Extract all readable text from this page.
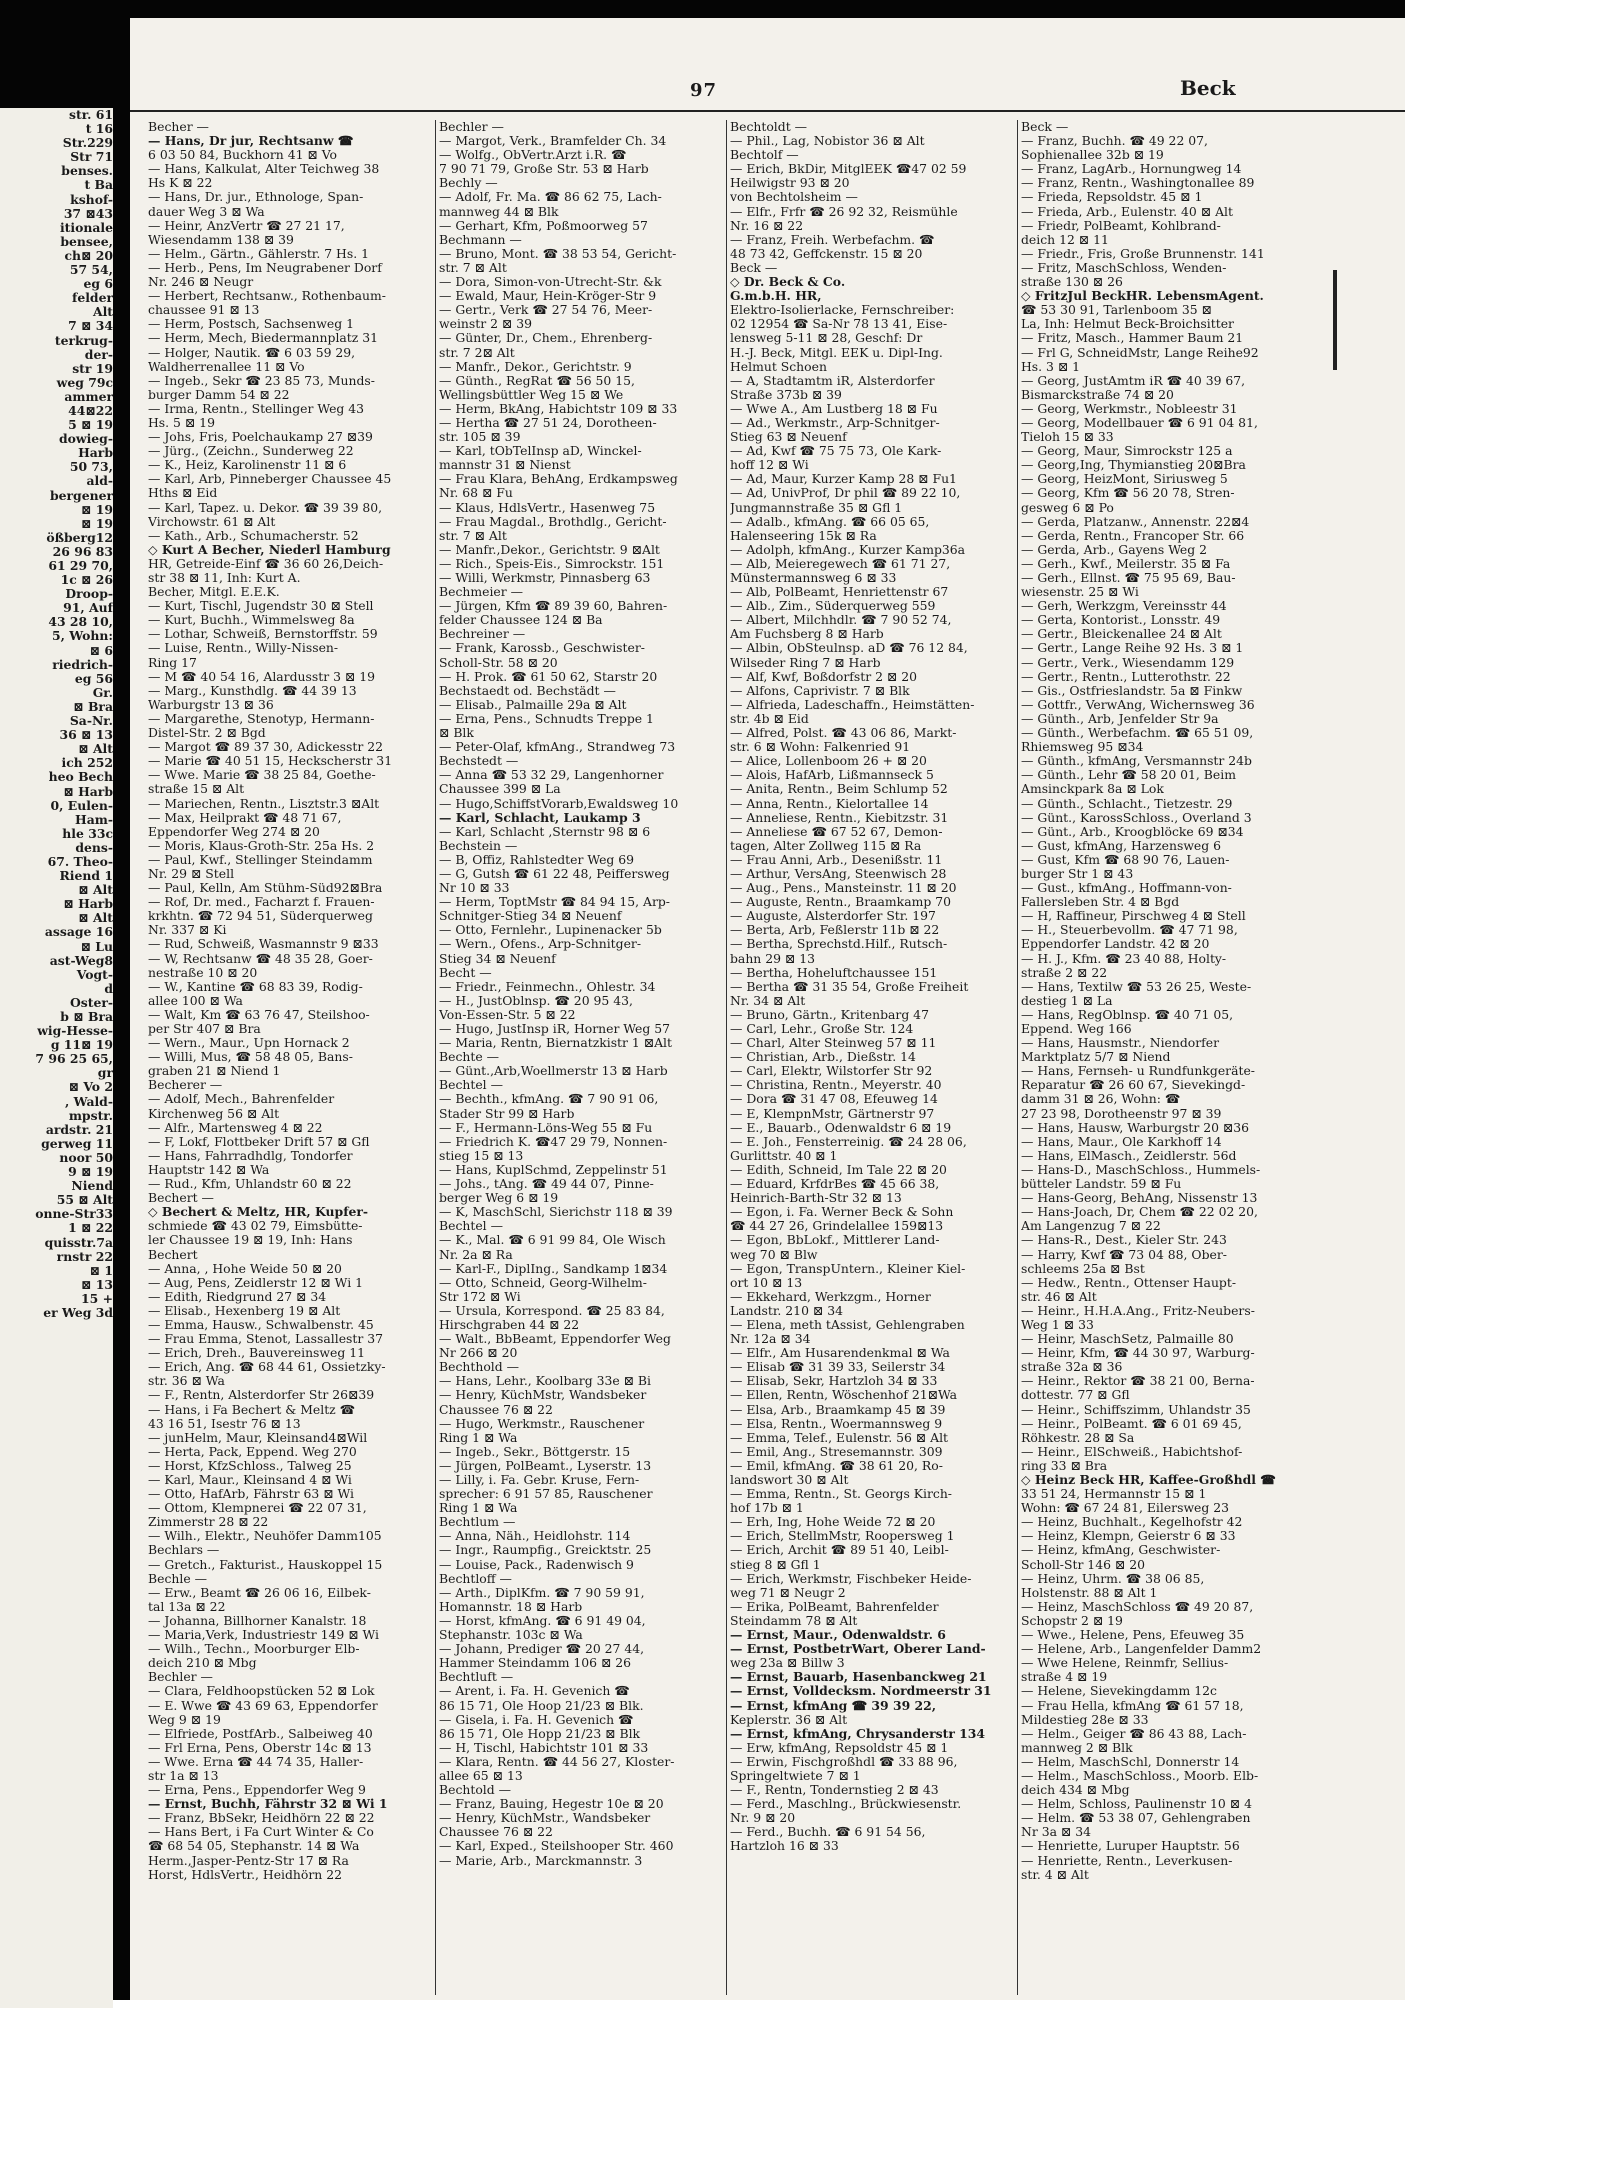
str. 61
t 16
Str.229
Str 71
benses.
t Ba
kshof-
37 ⊠43
itionale
bensee,
ch⊠ 20
57 54,
eg 6
felder
Alt
7 ⊠ 34
terkrug-
der-
str 19
weg 79c
ammer
44⊠22
5 ⊠ 19
dowieg-
Harb
50 73,
ald-
bergener
⊠ 19
⊠ 19
ößberg12
26 96 83
61 29 70,
1c ⊠ 26
Droop-
91, Auf
43 28 10,
5, Wohn:
⊠ 6
riedrich-
eg 56
Gr.
⊠ Bra
Sa-Nr.
36 ⊠ 13
⊠ Alt
ich 252
heo Bech
⊠ Harb
0, Eulen-
Ham-
hle 33c
dens-
67. Theo-
Riend 1
⊠ Alt
⊠ Harb
⊠ Alt
assage 16
⊠ Lu
ast-Weg8
Vogt-
d
Oster-
b ⊠ Bra
wig-Hesse-
g 11⊠ 19
7 96 25 65,
gr
⊠ Vo 2
, Wald-
mpstr.
ardstr. 21
gerweg 11
noor 50
9 ⊠ 19
Niend
55 ⊠ Alt
onne-Str33
1 ⊠ 22
quisstr.7a
rnstr 22
⊠ 1
⊠ 13
15 +
er Weg 3d
97	Beck
Becher —
— Hans, Dr jur, Rechtsanw ☎
6 03 50 84, Buckhorn 41 ⊠ Vo
— Hans, Kalkulat, Alter Teichweg 38
Hs K ⊠ 22
— Hans, Dr. jur., Ethnologe, Span-
dauer Weg 3 ⊠ Wa
— Heinr, AnzVertr ☎ 27 21 17,
Wiesendamm 138 ⊠ 39
— Helm., Gärtn., Gählerstr. 7 Hs. 1
— Herb., Pens, Im Neugrabener Dorf
Nr. 246 ⊠ Neugr
— Herbert, Rechtsanw., Rothenbaum-
chaussee 91 ⊠ 13
— Herm, Postsch, Sachsenweg 1
— Herm, Mech, Biedermannplatz 31
— Holger, Nautik. ☎ 6 03 59 29,
Waldherrenallee 11 ⊠ Vo
— Ingeb., Sekr ☎ 23 85 73, Munds-
burger Damm 54 ⊠ 22
— Irma, Rentn., Stellinger Weg 43
Hs. 5 ⊠ 19
— Johs, Fris, Poelchaukamp 27 ⊠39
— Jürg., (Zeichn., Sunderweg 22
— K., Heiz, Karolinenstr 11 ⊠ 6
— Karl, Arb, Pinneberger Chaussee 45
Hths ⊠ Eid
— Karl, Tapez. u. Dekor. ☎ 39 39 80,
Virchowstr. 61 ⊠ Alt
— Kath., Arb., Schumacherstr. 52
◇ Kurt A Becher, Niederl Hamburg
HR, Getreide-Einf ☎ 36 60 26,Deich-
str 38 ⊠ 11, Inh: Kurt A.
Becher, Mitgl. E.E.K.
— Kurt, Tischl, Jugendstr 30 ⊠ Stell
— Kurt, Buchh., Wimmelsweg 8a
— Lothar, Schweiß, Bernstorffstr. 59
— Luise, Rentn., Willy-Nissen-
Ring 17
— M ☎ 40 54 16, Alardusstr 3 ⊠ 19
— Marg., Kunsthdlg. ☎ 44 39 13
Warburgstr 13 ⊠ 36
— Margarethe, Stenotyp, Hermann-
Distel-Str. 2 ⊠ Bgd
— Margot ☎ 89 37 30, Adickesstr 22
— Marie ☎ 40 51 15, Heckscherstr 31
— Wwe. Marie ☎ 38 25 84, Goethe-
straße 15 ⊠ Alt
— Mariechen, Rentn., Lisztstr.3 ⊠Alt
— Max, Heilprakt ☎ 48 71 67,
Eppendorfer Weg 274 ⊠ 20
— Moris, Klaus-Groth-Str. 25a Hs. 2
— Paul, Kwf., Stellinger Steindamm
Nr. 29 ⊠ Stell
— Paul, Kelln, Am Stühm-Süd92⊠Bra
— Rof, Dr. med., Facharzt f. Frauen-
krkhtn. ☎ 72 94 51, Süderquerweg
Nr. 337 ⊠ Ki
— Rud, Schweiß, Wasmannstr 9 ⊠33
— W, Rechtsanw ☎ 48 35 28, Goer-
nestraße 10 ⊠ 20
— W., Kantine ☎ 68 83 39, Rodig-
allee 100 ⊠ Wa
— Walt, Km ☎ 63 76 47, Steilshoo-
per Str 407 ⊠ Bra
— Wern., Maur., Upn Hornack 2
— Willi, Mus, ☎ 58 48 05, Bans-
graben 21 ⊠ Niend 1
Becherer —
— Adolf, Mech., Bahrenfelder
Kirchenweg 56 ⊠ Alt
— Alfr., Martensweg 4 ⊠ 22
— F, Lokf, Flottbeker Drift 57 ⊠ Gfl
— Hans, Fahrradhdlg, Tondorfer
Hauptstr 142 ⊠ Wa
— Rud., Kfm, Uhlandstr 60 ⊠ 22
Bechert —
◇ Bechert & Meltz, HR, Kupfer-
schmiede ☎ 43 02 79, Eimsbütte-
ler Chaussee 19 ⊠ 19, Inh: Hans
Bechert
— Anna, , Hohe Weide 50 ⊠ 20
— Aug, Pens, Zeidlerstr 12 ⊠ Wi 1
— Edith, Riedgrund 27 ⊠ 34
— Elisab., Hexenberg 19 ⊠ Alt
— Emma, Hausw., Schwalbenstr. 45
— Frau Emma, Stenot, Lassallestr 37
— Erich, Dreh., Bauvereinsweg 11
— Erich, Ang. ☎ 68 44 61, Ossietzky-
str. 36 ⊠ Wa
— F., Rentn, Alsterdorfer Str 26⊠39
— Hans, i Fa Bechert & Meltz ☎
43 16 51, Isestr 76 ⊠ 13
— junHelm, Maur, Kleinsand4⊠Wil
— Herta, Pack, Eppend. Weg 270
— Horst, KfzSchloss., Talweg 25
— Karl, Maur., Kleinsand 4 ⊠ Wi
— Otto, HafArb, Fährstr 63 ⊠ Wi
— Ottom, Klempnerei ☎ 22 07 31,
Zimmerstr 28 ⊠ 22
— Wilh., Elektr., Neuhöfer Damm105
Bechlars —
— Gretch., Fakturist., Hauskoppel 15
Bechle —
— Erw., Beamt ☎ 26 06 16, Eilbek-
tal 13a ⊠ 22
— Johanna, Billhorner Kanalstr. 18
— Maria,Verk, Industriestr 149 ⊠ Wi
— Wilh., Techn., Moorburger Elb-
deich 210 ⊠ Mbg
Bechler —
— Clara, Feldhoopstücken 52 ⊠ Lok
— E. Wwe ☎ 43 69 63, Eppendorfer
Weg 9 ⊠ 19
— Elfriede, PostfArb., Salbeiweg 40
— Frl Erna, Pens, Oberstr 14c ⊠ 13
— Wwe. Erna ☎ 44 74 35, Haller-
str 1a ⊠ 13
— Erna, Pens., Eppendorfer Weg 9
— Ernst, Buchh, Fährstr 32 ⊠ Wi 1
— Franz, BbSekr, Heidhörn 22 ⊠ 22
— Hans Bert, i Fa Curt Winter & Co
☎ 68 54 05, Stephanstr. 14 ⊠ Wa
Herm.,Jasper-Pentz-Str 17 ⊠ Ra
Horst, HdlsVertr., Heidhörn 22
Bechler —
— Margot, Verk., Bramfelder Ch. 34
— Wolfg., ObVertr.Arzt i.R. ☎
7 90 71 79, Große Str. 53 ⊠ Harb
Bechly —
— Adolf, Fr. Ma. ☎ 86 62 75, Lach-
mannweg 44 ⊠ Blk
— Gerhart, Kfm, Poßmoorweg 57
Bechmann —
— Bruno, Mont. ☎ 38 53 54, Gericht-
str. 7 ⊠ Alt
— Dora, Simon-von-Utrecht-Str. &k
— Ewald, Maur, Hein-Kröger-Str 9
— Gertr., Verk ☎ 27 54 76, Meer-
weinstr 2 ⊠ 39
— Günter, Dr., Chem., Ehrenberg-
str. 7 2⊠ Alt
— Manfr., Dekor., Gerichtstr. 9
— Günth., RegRat ☎ 56 50 15,
Wellingsbüttler Weg 15 ⊠ We
— Herm, BkAng, Habichtstr 109 ⊠ 33
— Hertha ☎ 27 51 24, Dorotheen-
str. 105 ⊠ 39
— Karl, tObTelInsp aD, Winckel-
mannstr 31 ⊠ Nienst
— Frau Klara, BehAng, Erdkampsweg
Nr. 68 ⊠ Fu
— Klaus, HdlsVertr., Hasenweg 75
— Frau Magdal., Brothdlg., Gericht-
str. 7 ⊠ Alt
— Manfr.,Dekor., Gerichtstr. 9 ⊠Alt
— Rich., Speis-Eis., Simrockstr. 151
— Willi, Werkmstr, Pinnasberg 63
Bechmeier —
— Jürgen, Kfm ☎ 89 39 60, Bahren-
felder Chaussee 124 ⊠ Ba
Bechreiner —
— Frank, Karossb., Geschwister-
Scholl-Str. 58 ⊠ 20
— H. Prok. ☎ 61 50 62, Starstr 20
Bechstaedt od. Bechstädt —
— Elisab., Palmaille 29a ⊠ Alt
— Erna, Pens., Schnudts Treppe 1
⊠ Blk
— Peter-Olaf, kfmAng., Strandweg 73
Bechstedt —
— Anna ☎ 53 32 29, Langenhorner
Chaussee 399 ⊠ La
— Hugo,SchiffstVorarb,Ewaldsweg 10
— Karl, Schlacht, Laukamp 3
— Karl, Schlacht ,Sternstr 98 ⊠ 6
Bechstein —
— B, Offiz, Rahlstedter Weg 69
— G, Gutsh ☎ 61 22 48, Peiffersweg
Nr 10 ⊠ 33
— Herm, ToptMstr ☎ 84 94 15, Arp-
Schnitger-Stieg 34 ⊠ Neuenf
— Otto, Fernlehr., Lupinenacker 5b
— Wern., Ofens., Arp-Schnitger-
Stieg 34 ⊠ Neuenf
Becht —
— Friedr., Feinmechn., Ohlestr. 34
— H., JustOblnsp. ☎ 20 95 43,
Von-Essen-Str. 5 ⊠ 22
— Hugo, JustInsp iR, Horner Weg 57
— Maria, Rentn, Biernatzkistr 1 ⊠Alt
Bechte —
— Günt.,Arb,Woellmerstr 13 ⊠ Harb
Bechtel —
— Bechth., kfmAng. ☎ 7 90 91 06,
Stader Str 99 ⊠ Harb
— F., Hermann-Löns-Weg 55 ⊠ Fu
— Friedrich K. ☎47 29 79, Nonnen-
stieg 15 ⊠ 13
— Hans, KuplSchmd, Zeppelinstr 51
— Johs., tAng. ☎ 49 44 07, Pinne-
berger Weg 6 ⊠ 19
— K, MaschSchl, Sierichstr 118 ⊠ 39
Bechtel —
— K., Mal. ☎ 6 91 99 84, Ole Wisch
Nr. 2a ⊠ Ra
— Karl-F., DiplIng., Sandkamp 1⊠34
— Otto, Schneid, Georg-Wilhelm-
Str 172 ⊠ Wi
— Ursula, Korrespond. ☎ 25 83 84,
Hirschgraben 44 ⊠ 22
— Walt., BbBeamt, Eppendorfer Weg
Nr 266 ⊠ 20
Bechthold —
— Hans, Lehr., Koolbarg 33e ⊠ Bi
— Henry, KüchMstr, Wandsbeker
Chaussee 76 ⊠ 22
— Hugo, Werkmstr., Rauschener
Ring 1 ⊠ Wa
— Ingeb., Sekr., Böttgerstr. 15
— Jürgen, PolBeamt., Lyserstr. 13
— Lilly, i. Fa. Gebr. Kruse, Fern-
sprecher: 6 91 57 85, Rauschener
Ring 1 ⊠ Wa
Bechtlum —
— Anna, Näh., Heidlohstr. 114
— Ingr., Raumpfig., Greicktstr. 25
— Louise, Pack., Radenwisch 9
Bechtloff —
— Arth., DiplKfm. ☎ 7 90 59 91,
Homannstr. 18 ⊠ Harb
— Horst, kfmAng. ☎ 6 91 49 04,
Stephanstr. 103c ⊠ Wa
— Johann, Prediger ☎ 20 27 44,
Hammer Steindamm 106 ⊠ 26
Bechtluft —
— Arent, i. Fa. H. Gevenich ☎
86 15 71, Ole Hoop 21/23 ⊠ Blk.
— Gisela, i. Fa. H. Gevenich ☎
86 15 71, Ole Hopp 21/23 ⊠ Blk
— H, Tischl, Habichtstr 101 ⊠ 33
— Klara, Rentn. ☎ 44 56 27, Kloster-
allee 65 ⊠ 13
Bechtold —
— Franz, Bauing, Hegestr 10e ⊠ 20
— Henry, KüchMstr., Wandsbeker
Chaussee 76 ⊠ 22
— Karl, Exped., Steilshooper Str. 460
— Marie, Arb., Marckmannstr. 3
Bechtoldt —
— Phil., Lag, Nobistor 36 ⊠ Alt
Bechtolf —
— Erich, BkDir, MitglEEK ☎47 02 59
Heilwigstr 93 ⊠ 20
von Bechtolsheim —
— Elfr., Frfr ☎ 26 92 32, Reismühle
Nr. 16 ⊠ 22
— Franz, Freih. Werbefachm. ☎
48 73 42, Geffckenstr. 15 ⊠ 20
Beck —
◇ Dr. Beck & Co.
G.m.b.H. HR,
Elektro-Isolierlacke, Fernschreiber:
02 12954 ☎ Sa-Nr 78 13 41, Eise-
lensweg 5-11 ⊠ 28, Geschf: Dr
H.-J. Beck, Mitgl. EEK u. Dipl-Ing.
Helmut Schoen
— A, Stadtamtm iR, Alsterdorfer
Straße 373b ⊠ 39
— Wwe A., Am Lustberg 18 ⊠ Fu
— Ad., Werkmstr., Arp-Schnitger-
Stieg 63 ⊠ Neuenf
— Ad, Kwf ☎ 75 75 73, Ole Kark-
hoff 12 ⊠ Wi
— Ad, Maur, Kurzer Kamp 28 ⊠ Fu1
— Ad, UnivProf, Dr phil ☎ 89 22 10,
Jungmannstraße 35 ⊠ Gfl 1
— Adalb., kfmAng. ☎ 66 05 65,
Halenseering 15k ⊠ Ra
— Adolph, kfmAng., Kurzer Kamp36a
— Alb, Meieregewech ☎ 61 71 27,
Münstermannsweg 6 ⊠ 33
— Alb, PolBeamt, Henriettenstr 67
— Alb., Zim., Süderquerweg 559
— Albert, Milchhdlr. ☎ 7 90 52 74,
Am Fuchsberg 8 ⊠ Harb
— Albin, ObSteulnsp. aD ☎ 76 12 84,
Wilseder Ring 7 ⊠ Harb
— Alf, Kwf, Boßdorfstr 2 ⊠ 20
— Alfons, Caprivistr. 7 ⊠ Blk
— Alfrieda, Ladeschaffn., Heimstätten-
str. 4b ⊠ Eid
— Alfred, Polst. ☎ 43 06 86, Markt-
str. 6 ⊠ Wohn: Falkenried 91
— Alice, Lollenboom 26 + ⊠ 20
— Alois, HafArb, Lißmannseck 5
— Anita, Rentn., Beim Schlump 52
— Anna, Rentn., Kielortallee 14
— Anneliese, Rentn., Kiebitzstr. 31
— Anneliese ☎ 67 52 67, Demon-
tagen, Alter Zollweg 115 ⊠ Ra
— Frau Anni, Arb., Desenißstr. 11
— Arthur, VersAng, Steenwisch 28
— Aug., Pens., Mansteinstr. 11 ⊠ 20
— Auguste, Rentn., Braamkamp 70
— Auguste, Alsterdorfer Str. 197
— Berta, Arb, Feßlerstr 11b ⊠ 22
— Bertha, Sprechstd.Hilf., Rutsch-
bahn 29 ⊠ 13
— Bertha, Hoheluftchaussee 151
— Bertha ☎ 31 35 54, Große Freiheit
Nr. 34 ⊠ Alt
— Bruno, Gärtn., Kritenbarg 47
— Carl, Lehr., Große Str. 124
— Charl, Alter Steinweg 57 ⊠ 11
— Christian, Arb., Dießstr. 14
— Carl, Elektr, Wilstorfer Str 92
— Christina, Rentn., Meyerstr. 40
— Dora ☎ 31 47 08, Efeuweg 14
— E, KlempnMstr, Gärtnerstr 97
— E., Bauarb., Odenwaldstr 6 ⊠ 19
— E. Joh., Fensterreinig. ☎ 24 28 06,
Gurlittstr. 40 ⊠ 1
— Edith, Schneid, Im Tale 22 ⊠ 20
— Eduard, KrfdrBes ☎ 45 66 38,
Heinrich-Barth-Str 32 ⊠ 13
— Egon, i. Fa. Werner Beck & Sohn
☎ 44 27 26, Grindelallee 159⊠13
— Egon, BbLokf., Mittlerer Land-
weg 70 ⊠ Blw
— Egon, TranspUntern., Kleiner Kiel-
ort 10 ⊠ 13
— Ekkehard, Werkzgm., Horner
Landstr. 210 ⊠ 34
— Elena, meth tAssist, Gehlengraben
Nr. 12a ⊠ 34
— Elfr., Am Husarendenkmal ⊠ Wa
— Elisab ☎ 31 39 33, Seilerstr 34
— Elisab, Sekr, Hartzloh 34 ⊠ 33
— Ellen, Rentn, Wöschenhof 21⊠Wa
— Elsa, Arb., Braamkamp 45 ⊠ 39
— Elsa, Rentn., Woermannsweg 9
— Emma, Telef., Eulenstr. 56 ⊠ Alt
— Emil, Ang., Stresemannstr. 309
— Emil, kfmAng. ☎ 38 61 20, Ro-
landswort 30 ⊠ Alt
— Emma, Rentn., St. Georgs Kirch-
hof 17b ⊠ 1
— Erh, Ing, Hohe Weide 72 ⊠ 20
— Erich, StellmMstr, Roopersweg 1
— Erich, Archit ☎ 89 51 40, Leibl-
stieg 8 ⊠ Gfl 1
— Erich, Werkmstr, Fischbeker Heide-
weg 71 ⊠ Neugr 2
— Erika, PolBeamt, Bahrenfelder
Steindamm 78 ⊠ Alt
— Ernst, Maur., Odenwaldstr. 6
— Ernst, PostbetrWart, Oberer Land-
weg 23a ⊠ Billw 3
— Ernst, Bauarb, Hasenbanckweg 21
— Ernst, Volldecksm. Nordmeerstr 31
— Ernst, kfmAng ☎ 39 39 22,
Keplerstr. 36 ⊠ Alt
— Ernst, kfmAng, Chrysanderstr 134
— Erw, kfmAng, Repsoldstr 45 ⊠ 1
— Erwin, Fischgroßhdl ☎ 33 88 96,
Springeltwiete 7 ⊠ 1
— F., Rentn, Tondernstieg 2 ⊠ 43
— Ferd., Maschlng., Brückwiesenstr.
Nr. 9 ⊠ 20
— Ferd., Buchh. ☎ 6 91 54 56,
Hartzloh 16 ⊠ 33
Beck —
— Franz, Buchh. ☎ 49 22 07,
Sophienallee 32b ⊠ 19
— Franz, LagArb., Hornungweg 14
— Franz, Rentn., Washingtonallee 89
— Frieda, Repsoldstr. 45 ⊠ 1
— Frieda, Arb., Eulenstr. 40 ⊠ Alt
— Friedr, PolBeamt, Kohlbrand-
deich 12 ⊠ 11
— Friedr., Fris, Große Brunnenstr. 141
— Fritz, MaschSchloss, Wenden-
straße 130 ⊠ 26
◇ FritzJul BeckHR. LebensmAgent.
☎ 53 30 91, Tarlenboom 35 ⊠
La, Inh: Helmut Beck-Broichsitter
— Fritz, Masch., Hammer Baum 21
— Frl G, SchneidMstr, Lange Reihe92
Hs. 3 ⊠ 1
— Georg, JustAmtm iR ☎ 40 39 67,
Bismarckstraße 74 ⊠ 20
— Georg, Werkmstr., Nobleestr 31
— Georg, Modellbauer ☎ 6 91 04 81,
Tieloh 15 ⊠ 33
— Georg, Maur, Simrockstr 125 a
— Georg,Ing, Thymianstieg 20⊠Bra
— Georg, HeizMont, Siriusweg 5
— Georg, Kfm ☎ 56 20 78, Stren-
gesweg 6 ⊠ Po
— Gerda, Platzanw., Annenstr. 22⊠4
— Gerda, Rentn., Francoper Str. 66
— Gerda, Arb., Gayens Weg 2
— Gerh., Kwf., Meilerstr. 35 ⊠ Fa
— Gerh., Ellnst. ☎ 75 95 69, Bau-
wiesenstr. 25 ⊠ Wi
— Gerh, Werkzgm, Vereinsstr 44
— Gerta, Kontorist., Lonsstr. 49
— Gertr., Bleickenallee 24 ⊠ Alt
— Gertr., Lange Reihe 92 Hs. 3 ⊠ 1
— Gertr., Verk., Wiesendamm 129
— Gertr., Rentn., Lutterothstr. 22
— Gis., Ostfrieslandstr. 5a ⊠ Finkw
— Gottfr., VerwAng, Wichernsweg 36
— Günth., Arb, Jenfelder Str 9a
— Günth., Werbefachm. ☎ 65 51 09,
Rhiemsweg 95 ⊠34
— Günth., kfmAng, Versmannstr 24b
— Günth., Lehr ☎ 58 20 01, Beim
Amsinckpark 8a ⊠ Lok
— Günth., Schlacht., Tietzestr. 29
— Günt., KarossSchloss., Overland 3
— Günt., Arb., Kroogblöcke 69 ⊠34
— Gust, kfmAng, Harzensweg 6
— Gust, Kfm ☎ 68 90 76, Lauen-
burger Str 1 ⊠ 43
— Gust., kfmAng., Hoffmann-von-
Fallersleben Str. 4 ⊠ Bgd
— H, Raffineur, Pirschweg 4 ⊠ Stell
— H., Steuerbevollm. ☎ 47 71 98,
Eppendorfer Landstr. 42 ⊠ 20
— H. J., Kfm. ☎ 23 40 88, Holty-
straße 2 ⊠ 22
— Hans, Textilw ☎ 53 26 25, Weste-
destieg 1 ⊠ La
— Hans, RegOblnsp. ☎ 40 71 05,
Eppend. Weg 166
— Hans, Hausmstr., Niendorfer
Marktplatz 5/7 ⊠ Niend
— Hans, Fernseh- u Rundfunkgeräte-
Reparatur ☎ 26 60 67, Sievekingd-
damm 31 ⊠ 26, Wohn: ☎
27 23 98, Dorotheenstr 97 ⊠ 39
— Hans, Hausw, Warburgstr 20 ⊠36
— Hans, Maur., Ole Karkhoff 14
— Hans, ElMasch., Zeidlerstr. 56d
— Hans-D., MaschSchloss., Hummels-
bütteler Landstr. 59 ⊠ Fu
— Hans-Georg, BehAng, Nissenstr 13
— Hans-Joach, Dr, Chem ☎ 22 02 20,
Am Langenzug 7 ⊠ 22
— Hans-R., Dest., Kieler Str. 243
— Harry, Kwf ☎ 73 04 88, Ober-
schleems 25a ⊠ Bst
— Hedw., Rentn., Ottenser Haupt-
str. 46 ⊠ Alt
— Heinr., H.H.A.Ang., Fritz-Neubers-
Weg 1 ⊠ 33
— Heinr, MaschSetz, Palmaille 80
— Heinr, Kfm, ☎ 44 30 97, Warburg-
straße 32a ⊠ 36
— Heinr., Rektor ☎ 38 21 00, Berna-
dottestr. 77 ⊠ Gfl
— Heinr., Schiffszimm, Uhlandstr 35
— Heinr., PolBeamt. ☎ 6 01 69 45,
Röhkestr. 28 ⊠ Sa
— Heinr., ElSchweiß., Habichtshof-
ring 33 ⊠ Bra
◇ Heinz Beck HR, Kaffee-Großhdl ☎
33 51 24, Hermannstr 15 ⊠ 1
Wohn: ☎ 67 24 81, Eilersweg 23
— Heinz, Buchhalt., Kegelhofstr 42
— Heinz, Klempn, Geierstr 6 ⊠ 33
— Heinz, kfmAng, Geschwister-
Scholl-Str 146 ⊠ 20
— Heinz, Uhrm. ☎ 38 06 85,
Holstenstr. 88 ⊠ Alt 1
— Heinz, MaschSchloss ☎ 49 20 87,
Schopstr 2 ⊠ 19
— Wwe., Helene, Pens, Efeuweg 35
— Helene, Arb., Langenfelder Damm2
— Wwe Helene, Reinmfr, Sellius-
straße 4 ⊠ 19
— Helene, Sievekingdamm 12c
— Frau Hella, kfmAng ☎ 61 57 18,
Mildestieg 28e ⊠ 33
— Helm., Geiger ☎ 86 43 88, Lach-
mannweg 2 ⊠ Blk
— Helm, MaschSchl, Donnerstr 14
— Helm., MaschSchloss., Moorb. Elb-
deich 434 ⊠ Mbg
— Helm, Schloss, Paulinenstr 10 ⊠ 4
— Helm. ☎ 53 38 07, Gehlengraben
Nr 3a ⊠ 34
— Henriette, Luruper Hauptstr. 56
— Henriette, Rentn., Leverkusen-
str. 4 ⊠ Alt
